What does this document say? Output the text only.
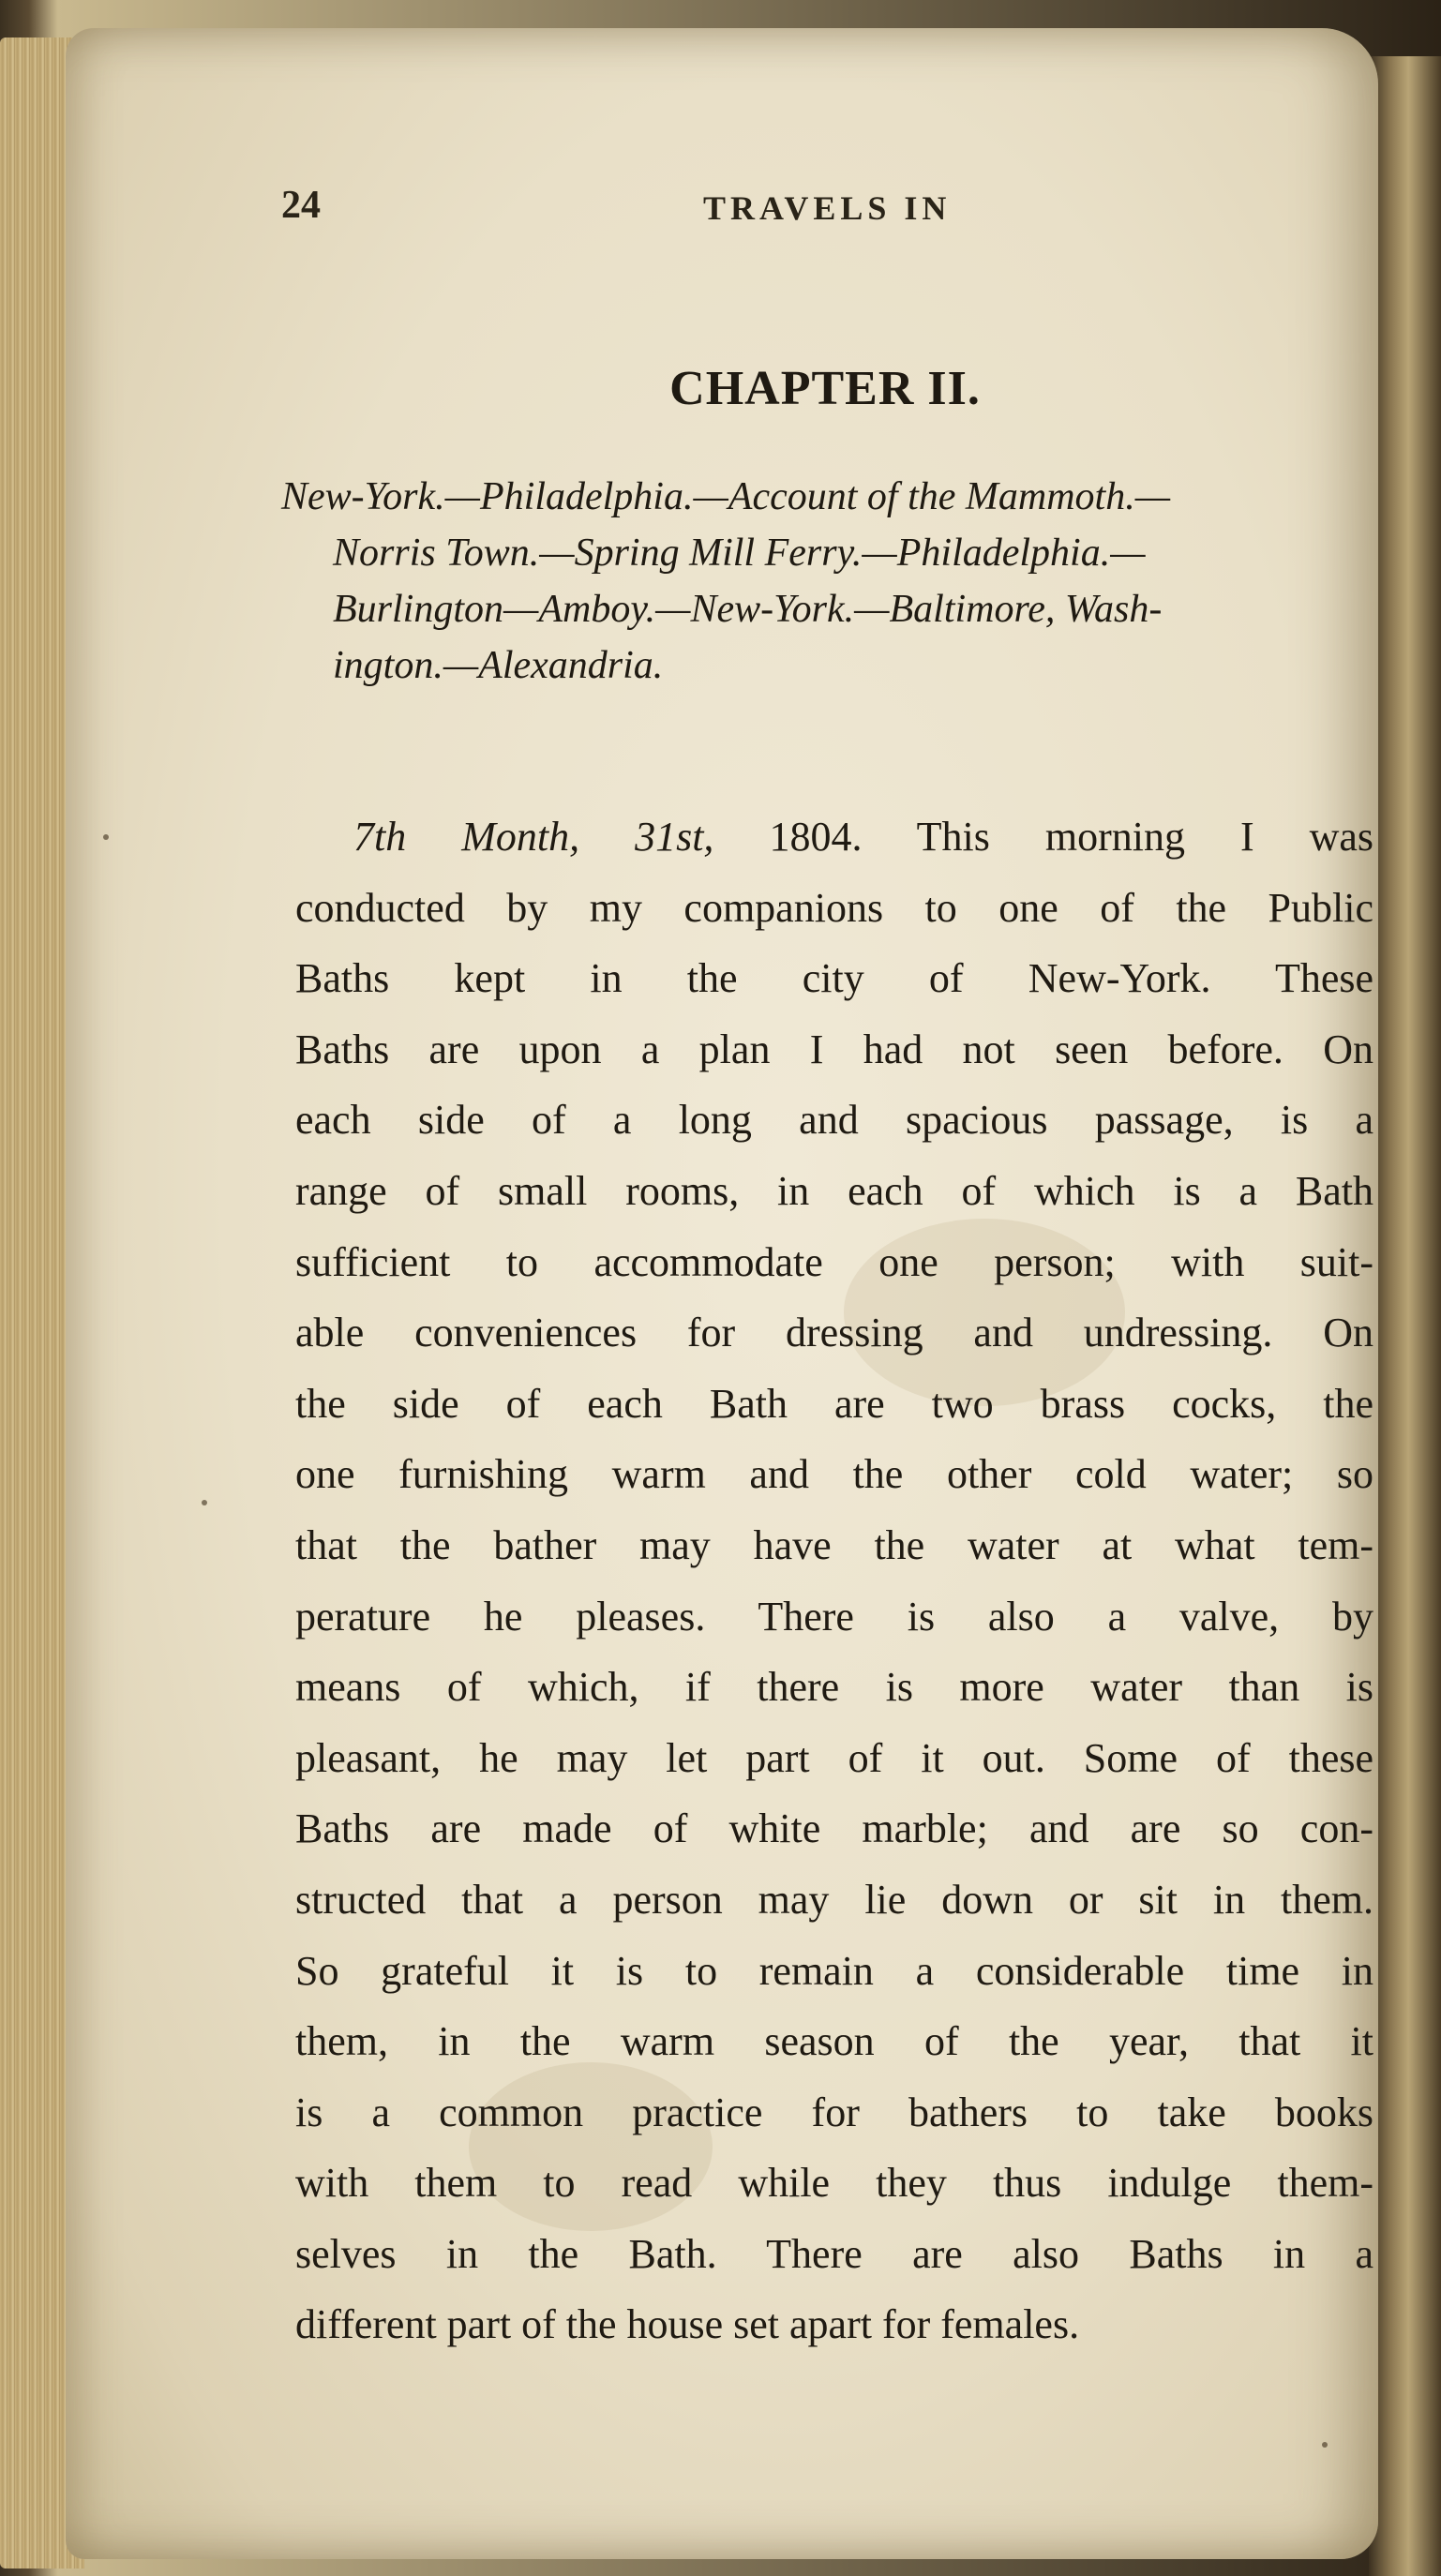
24	TRAVELS IN
CHAPTER II.
New-York.—Philadelphia.—Account of the Mammoth.—
Norris Town.—Spring Mill Ferry.—Philadelphia.—
Burlington—Amboy.—New-York.—Baltimore, Wash-
ington.—Alexandria.
7th Month, 31st, 1804. This morning I was
conducted by my companions to one of the Public
Baths kept in the city of New-York. These
Baths are upon a plan I had not seen before. On
each side of a long and spacious passage, is a
range of small rooms, in each of which is a Bath
sufficient to accommodate one person; with suit-
able conveniences for dressing and undressing. On
the side of each Bath are two brass cocks, the
one furnishing warm and the other cold water; so
that the bather may have the water at what tem-
perature he pleases. There is also a valve, by
means of which, if there is more water than is
pleasant, he may let part of it out. Some of these
Baths are made of white marble; and are so con-
structed that a person may lie down or sit in them.
So grateful it is to remain a considerable time in
them, in the warm season of the year, that it
is a common practice for bathers to take books
with them to read while they thus indulge them-
selves in the Bath. There are also Baths in a
different part of the house set apart for females.
